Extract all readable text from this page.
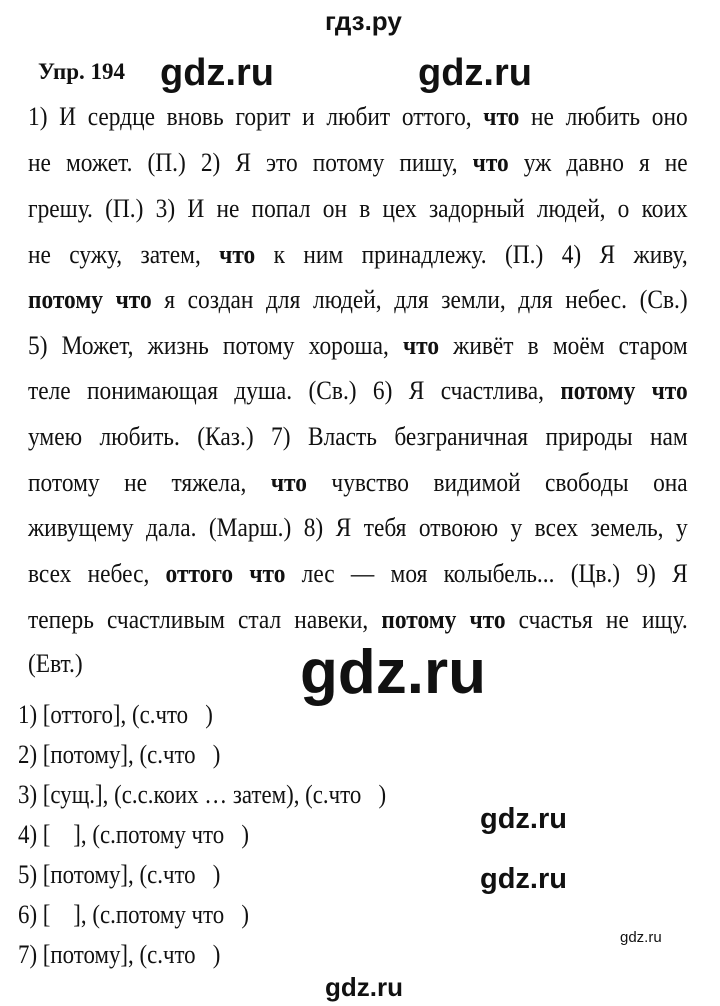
гдз.ру
Упр. 194
1) И сердце вновь горит и любит оттого, что не любить оно
не может. (П.) 2) Я это потому пишу, что уж давно я не
грешу. (П.) 3) И не попал он в цех задорный людей, о коих
не сужу, затем, что к ним принадлежу. (П.) 4) Я живу,
потому что я создан для людей, для земли, для небес. (Св.)
5) Может, жизнь потому хороша, что живёт в моём старом
теле понимающая душа. (Св.) 6) Я счастлива, потому что
умею любить. (Каз.) 7) Власть безграничная природы нам
потому не тяжела, что чувство видимой свободы она
живущему дала. (Марш.) 8) Я тебя отвоюю у всех земель, у
всех небес, оттого что лес — моя колыбель... (Цв.) 9) Я
теперь счастливым стал навеки, потому что счастья не ищу.
(Евт.)
1) [оттого], (с.что   )
2) [потому], (с.что   )
3) [сущ.], (с.с.коих … затем), (с.что   )
4) [    ], (с.потому что   )
5) [потому], (с.что   )
6) [    ], (с.потому что   )
7) [потому], (с.что   )
gdz.ru	gdz.ru
gdz.ru
gdz.ru
gdz.ru
gdz.ru
gdz.ru
